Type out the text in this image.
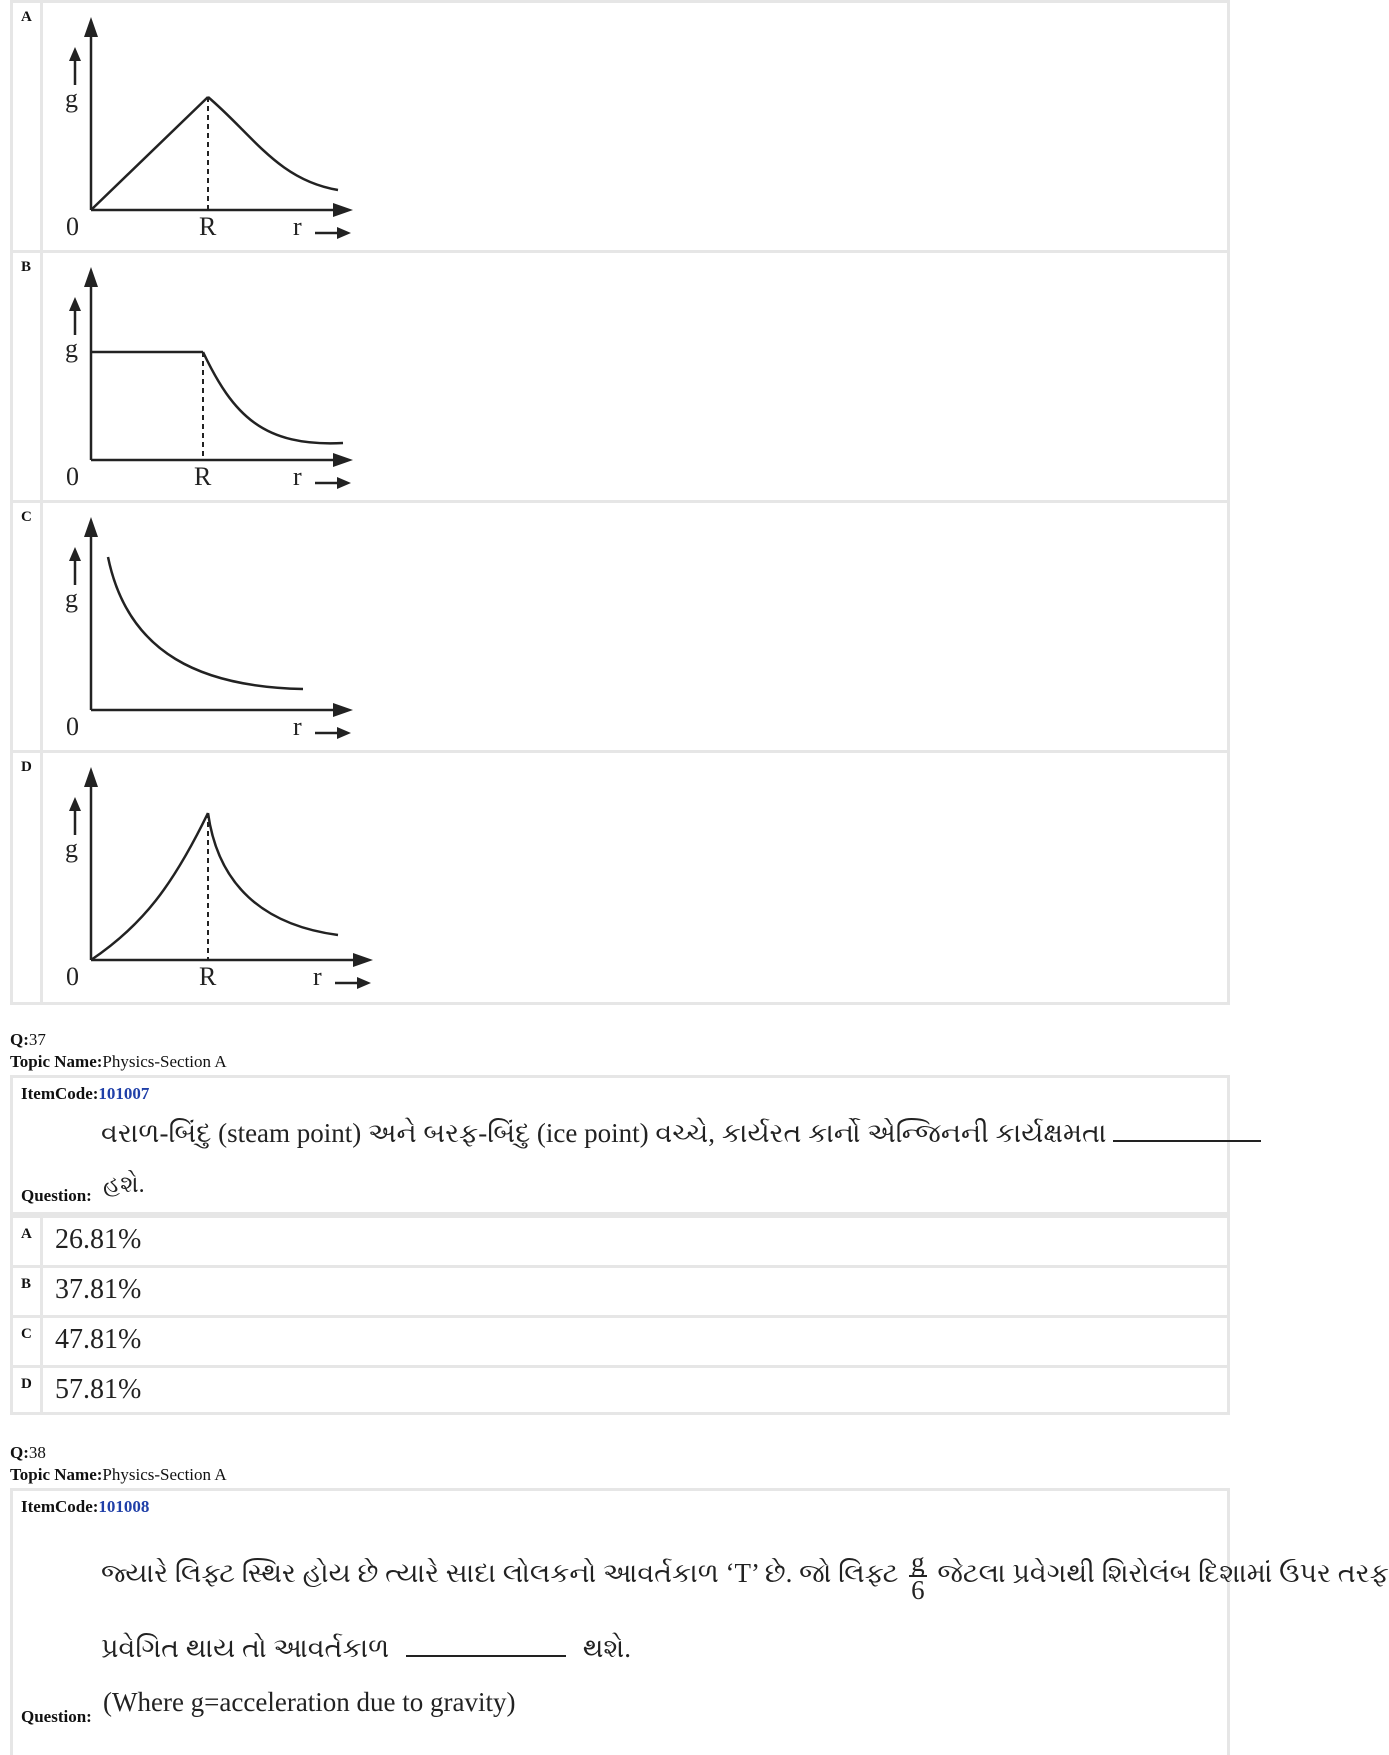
A
g
0	R	r
B
g
0	R	r
C
g
0	r
D
g
0	R	r
Q:37
Topic Name:Physics-Section A
ItemCode:101007
વરાળ-બિંદુ (steam point) અને બરફ-બિંદુ (ice point) વચ્ચે, કાર્યરત કાર્નો એન્જિનની કાર્યક્ષમતા
Question: હશે.
A 26.81%
B 37.81%
C 47.81%
D 57.81%
Q:38
Topic Name:Physics-Section A
ItemCode:101008
જ્યારે લિફ્ટ સ્થિર હોય છે ત્યારે સાદા લોલકનો આવર્તકાળ ‘T’ છે. જો લિફ્ટ $\frac{g}{6}$ જેટલા પ્રવેગથી શિરોલંબ દિશામાં ઉપર તરફ
પ્રવેગિત થાય તો આવર્તકાળ	થશે.
Question: (Where g=acceleration due to gravity)
